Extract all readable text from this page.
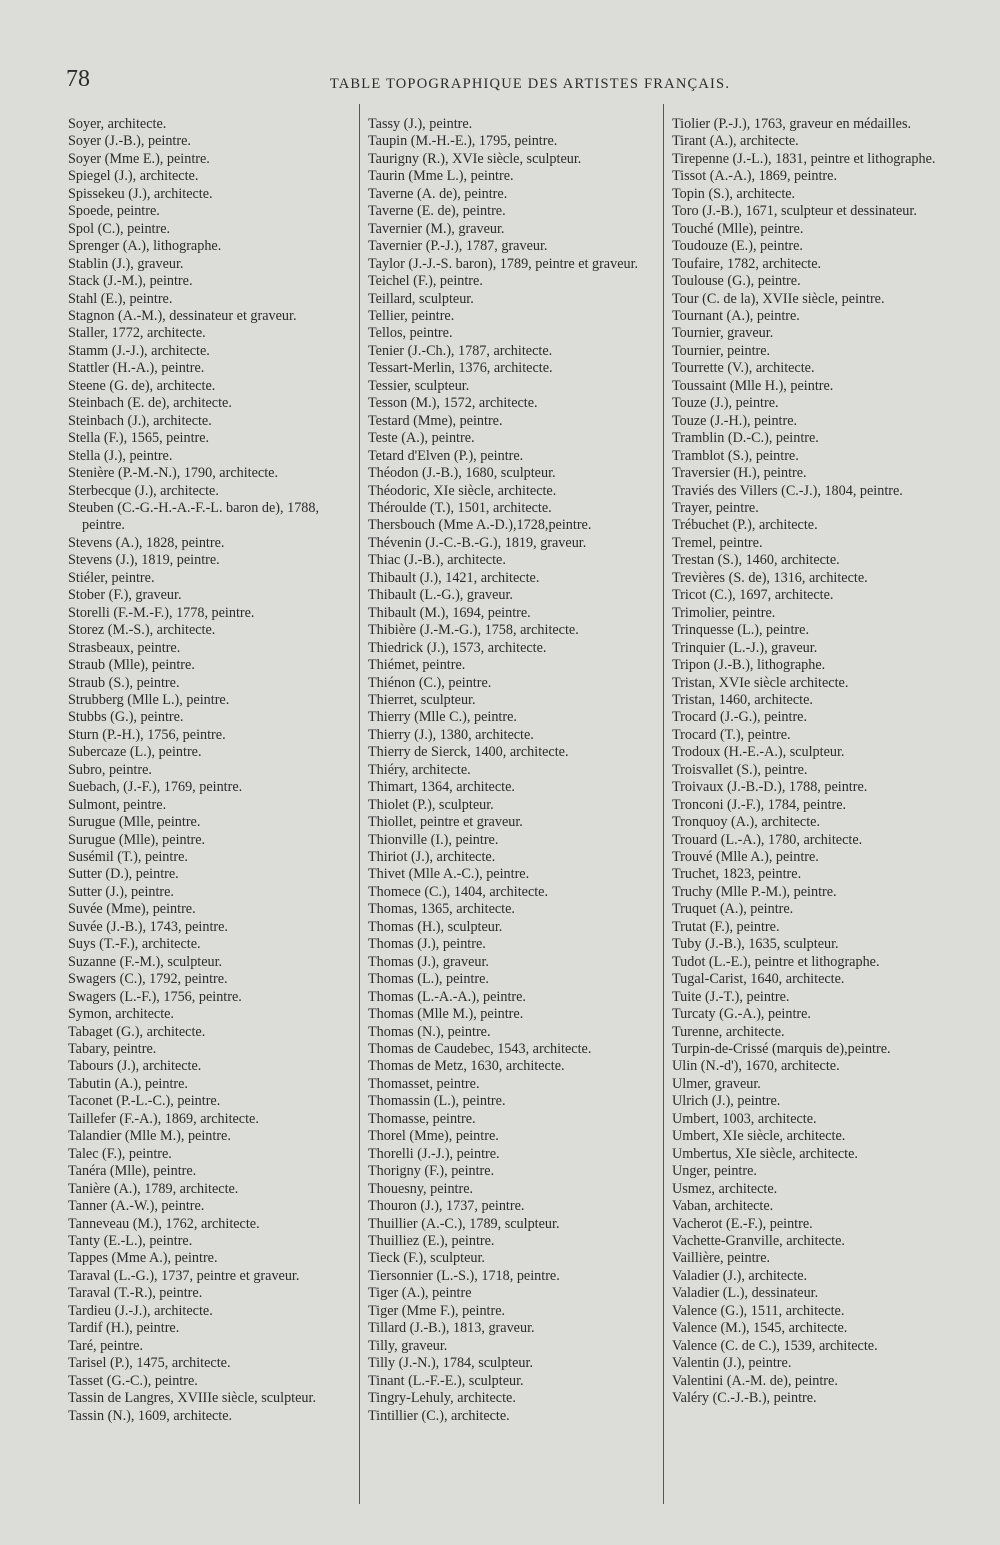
78	TABLE TOPOGRAPHIQUE DES ARTISTES FRANÇAIS.
Soyer, architecte.
Soyer (J.-B.), peintre.
Soyer (Mme E.), peintre.
Spiegel (J.), architecte.
Spissekeu (J.), architecte.
Spoede, peintre.
Spol (C.), peintre.
Sprenger (A.), lithographe.
Stablin (J.), graveur.
Stack (J.-M.), peintre.
Stahl (E.), peintre.
Stagnon (A.-M.), dessinateur et graveur.
Staller, 1772, architecte.
Stamm (J.-J.), architecte.
Stattler (H.-A.), peintre.
Steene (G. de), architecte.
Steinbach (E. de), architecte.
Steinbach (J.), architecte.
Stella (F.), 1565, peintre.
Stella (J.), peintre.
Stenière (P.-M.-N.), 1790, architecte.
Sterbecque (J.), architecte.
Steuben (C.-G.-H.-A.-F.-L. baron de), 1788, peintre.
Stevens (A.), 1828, peintre.
Stevens (J.), 1819, peintre.
Stiéler, peintre.
Stober (F.), graveur.
Storelli (F.-M.-F.), 1778, peintre.
Storez (M.-S.), architecte.
Strasbeaux, peintre.
Straub (Mlle), peintre.
Straub (S.), peintre.
Strubberg (Mlle L.), peintre.
Stubbs (G.), peintre.
Sturn (P.-H.), 1756, peintre.
Subercaze (L.), peintre.
Subro, peintre.
Suebach, (J.-F.), 1769, peintre.
Sulmont, peintre.
Surugue (Mlle, peintre.
Surugue (Mlle), peintre.
Susémil (T.), peintre.
Sutter (D.), peintre.
Sutter (J.), peintre.
Suvée (Mme), peintre.
Suvée (J.-B.), 1743, peintre.
Suys (T.-F.), architecte.
Suzanne (F.-M.), sculpteur.
Swagers (C.), 1792, peintre.
Swagers (L.-F.), 1756, peintre.
Symon, architecte.
Tabaget (G.), architecte.
Tabary, peintre.
Tabours (J.), architecte.
Tabutin (A.), peintre.
Taconet (P.-L.-C.), peintre.
Taillefer (F.-A.), 1869, architecte.
Talandier (Mlle M.), peintre.
Talec (F.), peintre.
Tanéra (Mlle), peintre.
Tanière (A.), 1789, architecte.
Tanner (A.-W.), peintre.
Tanneveau (M.), 1762, architecte.
Tanty (E.-L.), peintre.
Tappes (Mme A.), peintre.
Taraval (L.-G.), 1737, peintre et graveur.
Taraval (T.-R.), peintre.
Tardieu (J.-J.), architecte.
Tardif (H.), peintre.
Taré, peintre.
Tarisel (P.), 1475, architecte.
Tasset (G.-C.), peintre.
Tassin de Langres, XVIIIe siècle, sculpteur.
Tassin (N.), 1609, architecte.
Tassy (J.), peintre.
Taupin (M.-H.-E.), 1795, peintre.
Taurigny (R.), XVIe siècle, sculpteur.
Taurin (Mme L.), peintre.
Taverne (A. de), peintre.
Taverne (E. de), peintre.
Tavernier (M.), graveur.
Tavernier (P.-J.), 1787, graveur.
Taylor (J.-J.-S. baron), 1789, peintre et graveur.
Teichel (F.), peintre.
Teillard, sculpteur.
Tellier, peintre.
Tellos, peintre.
Tenier (J.-Ch.), 1787, architecte.
Tessart-Merlin, 1376, architecte.
Tessier, sculpteur.
Tesson (M.), 1572, architecte.
Testard (Mme), peintre.
Teste (A.), peintre.
Tetard d'Elven (P.), peintre.
Théodon (J.-B.), 1680, sculpteur.
Théodoric, XIe siècle, architecte.
Théroulde (T.), 1501, architecte.
Thersbouch (Mme A.-D.),1728,peintre.
Thévenin (J.-C.-B.-G.), 1819, graveur.
Thiac (J.-B.), architecte.
Thibault (J.), 1421, architecte.
Thibault (L.-G.), graveur.
Thibault (M.), 1694, peintre.
Thibière (J.-M.-G.), 1758, architecte.
Thiedrick (J.), 1573, architecte.
Thiémet, peintre.
Thiénon (C.), peintre.
Thierret, sculpteur.
Thierry (Mlle C.), peintre.
Thierry (J.), 1380, architecte.
Thierry de Sierck, 1400, architecte.
Thiéry, architecte.
Thimart, 1364, architecte.
Thiolet (P.), sculpteur.
Thiollet, peintre et graveur.
Thionville (I.), peintre.
Thiriot (J.), architecte.
Thivet (Mlle A.-C.), peintre.
Thomece (C.), 1404, architecte.
Thomas, 1365, architecte.
Thomas (H.), sculpteur.
Thomas (J.), peintre.
Thomas (J.), graveur.
Thomas (L.), peintre.
Thomas (L.-A.-A.), peintre.
Thomas (Mlle M.), peintre.
Thomas (N.), peintre.
Thomas de Caudebec, 1543, architecte.
Thomas de Metz, 1630, architecte.
Thomasset, peintre.
Thomassin (L.), peintre.
Thomasse, peintre.
Thorel (Mme), peintre.
Thorelli (J.-J.), peintre.
Thorigny (F.), peintre.
Thouesny, peintre.
Thouron (J.), 1737, peintre.
Thuillier (A.-C.), 1789, sculpteur.
Thuilliez (E.), peintre.
Tieck (F.), sculpteur.
Tiersonnier (L.-S.), 1718, peintre.
Tiger (A.), peintre
Tiger (Mme F.), peintre.
Tillard (J.-B.), 1813, graveur.
Tilly, graveur.
Tilly (J.-N.), 1784, sculpteur.
Tinant (L.-F.-E.), sculpteur.
Tingry-Lehuly, architecte.
Tintillier (C.), architecte.
Tiolier (P.-J.), 1763, graveur en médailles.
Tirant (A.), architecte.
Tirepenne (J.-L.), 1831, peintre et lithographe.
Tissot (A.-A.), 1869, peintre.
Topin (S.), architecte.
Toro (J.-B.), 1671, sculpteur et dessinateur.
Touché (Mlle), peintre.
Toudouze (E.), peintre.
Toufaire, 1782, architecte.
Toulouse (G.), peintre.
Tour (C. de la), XVIIe siècle, peintre.
Tournant (A.), peintre.
Tournier, graveur.
Tournier, peintre.
Tourrette (V.), architecte.
Toussaint (Mlle H.), peintre.
Touze (J.), peintre.
Touze (J.-H.), peintre.
Tramblin (D.-C.), peintre.
Tramblot (S.), peintre.
Traversier (H.), peintre.
Traviés des Villers (C.-J.), 1804, peintre.
Trayer, peintre.
Trébuchet (P.), architecte.
Tremel, peintre.
Trestan (S.), 1460, architecte.
Trevières (S. de), 1316, architecte.
Tricot (C.), 1697, architecte.
Trimolier, peintre.
Trinquesse (L.), peintre.
Trinquier (L.-J.), graveur.
Tripon (J.-B.), lithographe.
Tristan, XVIe siècle architecte.
Tristan, 1460, architecte.
Trocard (J.-G.), peintre.
Trocard (T.), peintre.
Trodoux (H.-E.-A.), sculpteur.
Troisvallet (S.), peintre.
Troivaux (J.-B.-D.), 1788, peintre.
Tronconi (J.-F.), 1784, peintre.
Tronquoy (A.), architecte.
Trouard (L.-A.), 1780, architecte.
Trouvé (Mlle A.), peintre.
Truchet, 1823, peintre.
Truchy (Mlle P.-M.), peintre.
Truquet (A.), peintre.
Trutat (F.), peintre.
Tuby (J.-B.), 1635, sculpteur.
Tudot (L.-E.), peintre et lithographe.
Tugal-Carist, 1640, architecte.
Tuite (J.-T.), peintre.
Turcaty (G.-A.), peintre.
Turenne, architecte.
Turpin-de-Crissé (marquis de),peintre.
Ulin (N.-d'), 1670, architecte.
Ulmer, graveur.
Ulrich (J.), peintre.
Umbert, 1003, architecte.
Umbert, XIe siècle, architecte.
Umbertus, XIe siècle, architecte.
Unger, peintre.
Usmez, architecte.
Vaban, architecte.
Vacherot (E.-F.), peintre.
Vachette-Granville, architecte.
Vaillière, peintre.
Valadier (J.), architecte.
Valadier (L.), dessinateur.
Valence (G.), 1511, architecte.
Valence (M.), 1545, architecte.
Valence (C. de C.), 1539, architecte.
Valentin (J.), peintre.
Valentini (A.-M. de), peintre.
Valéry (C.-J.-B.), peintre.
